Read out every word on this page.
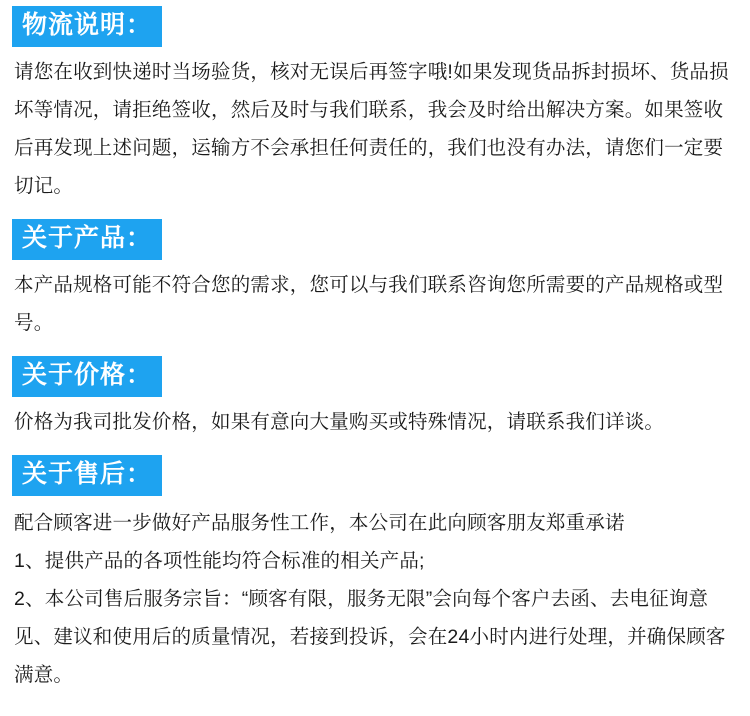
物流说明：

请您在收到快递时当场验货，核对无误后再签字哦!如果发现货品拆封损坏、货品损坏等情况，请拒绝签收，然后及时与我们联系，我会及时给出解决方案。如果签收后再发现上述问题，运输方不会承担任何责任的，我们也没有办法，请您们一定要切记。

关于产品：

本产品规格可能不符合您的需求，您可以与我们联系咨询您所需要的产品规格或型号。

关于价格：

价格为我司批发价格，如果有意向大量购买或特殊情况，请联系我们详谈。

关于售后：

配合顾客进一步做好产品服务性工作，本公司在此向顾客朋友郑重承诺

1、提供产品的各项性能均符合标准的相关产品;

2、本公司售后服务宗旨：“顾客有限，服务无限”会向每个客户去函、去电征询意见、建议和使用后的质量情况，若接到投诉，会在24小时内进行处理，并确保顾客满意。
